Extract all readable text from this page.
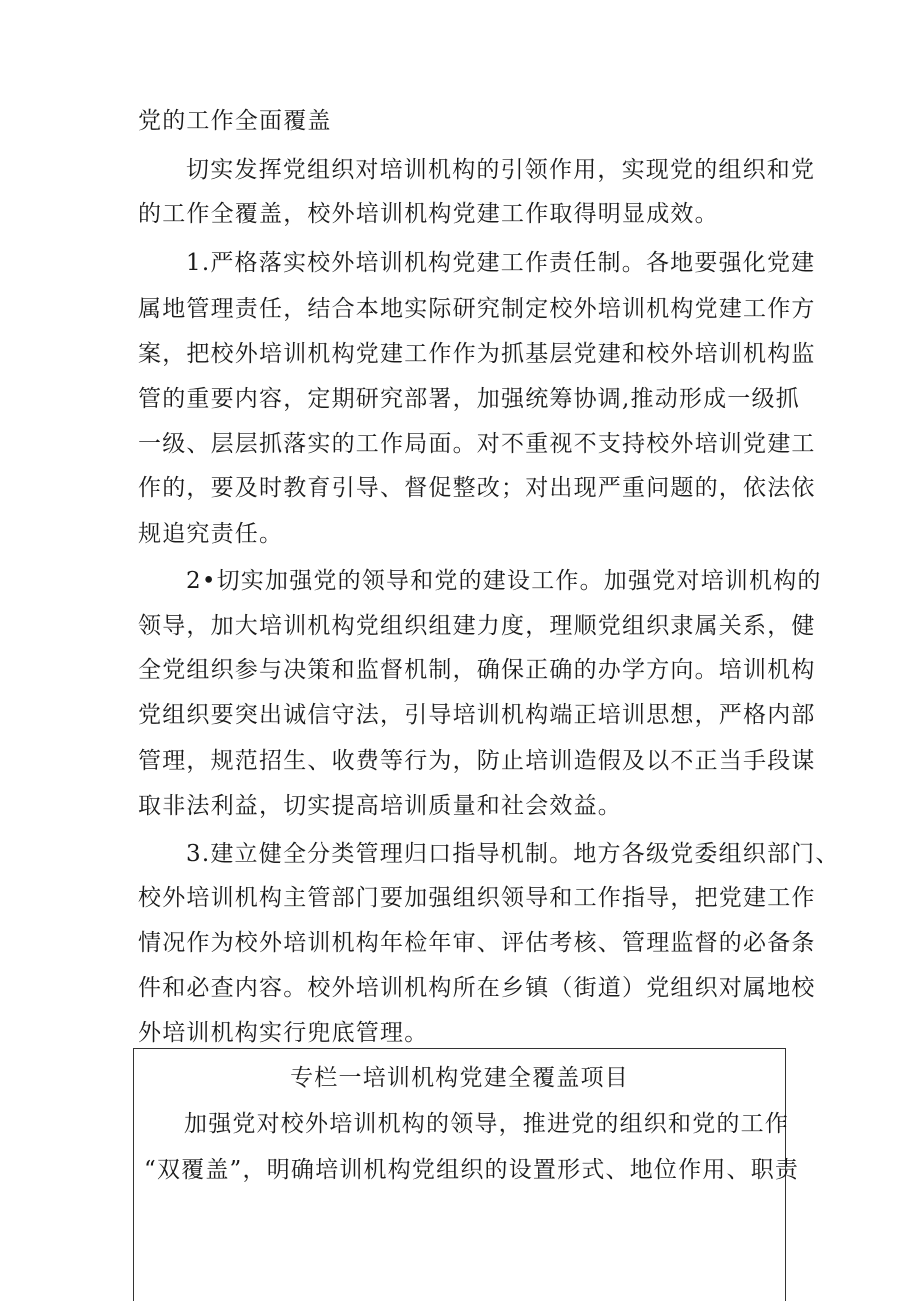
党的工作全面覆盖
切实发挥党组织对培训机构的引领作用，实现党的组织和党
的工作全覆盖，校外培训机构党建工作取得明显成效。
1.严格落实校外培训机构党建工作责任制。各地要强化党建
属地管理责任，结合本地实际研究制定校外培训机构党建工作方
案，把校外培训机构党建工作作为抓基层党建和校外培训机构监
管的重要内容，定期研究部署，加强统筹协调,推动形成一级抓
一级、层层抓落实的工作局面。对不重视不支持校外培训党建工
作的，要及时教育引导、督促整改；对出现严重问题的，依法依
规追究责任。
2•切实加强党的领导和党的建设工作。加强党对培训机构的
领导，加大培训机构党组织组建力度，理顺党组织隶属关系，健
全党组织参与决策和监督机制，确保正确的办学方向。培训机构
党组织要突出诚信守法，引导培训机构端正培训思想，严格内部
管理，规范招生、收费等行为，防止培训造假及以不正当手段谋
取非法利益，切实提高培训质量和社会效益。
3.建立健全分类管理归口指导机制。地方各级党委组织部门、
校外培训机构主管部门要加强组织领导和工作指导，把党建工作
情况作为校外培训机构年检年审、评估考核、管理监督的必备条
件和必查内容。校外培训机构所在乡镇（街道）党组织对属地校
外培训机构实行兜底管理。
专栏一培训机构党建全覆盖项目
加强党对校外培训机构的领导，推进党的组织和党的工作
“双覆盖”，明确培训机构党组织的设置形式、地位作用、职责
